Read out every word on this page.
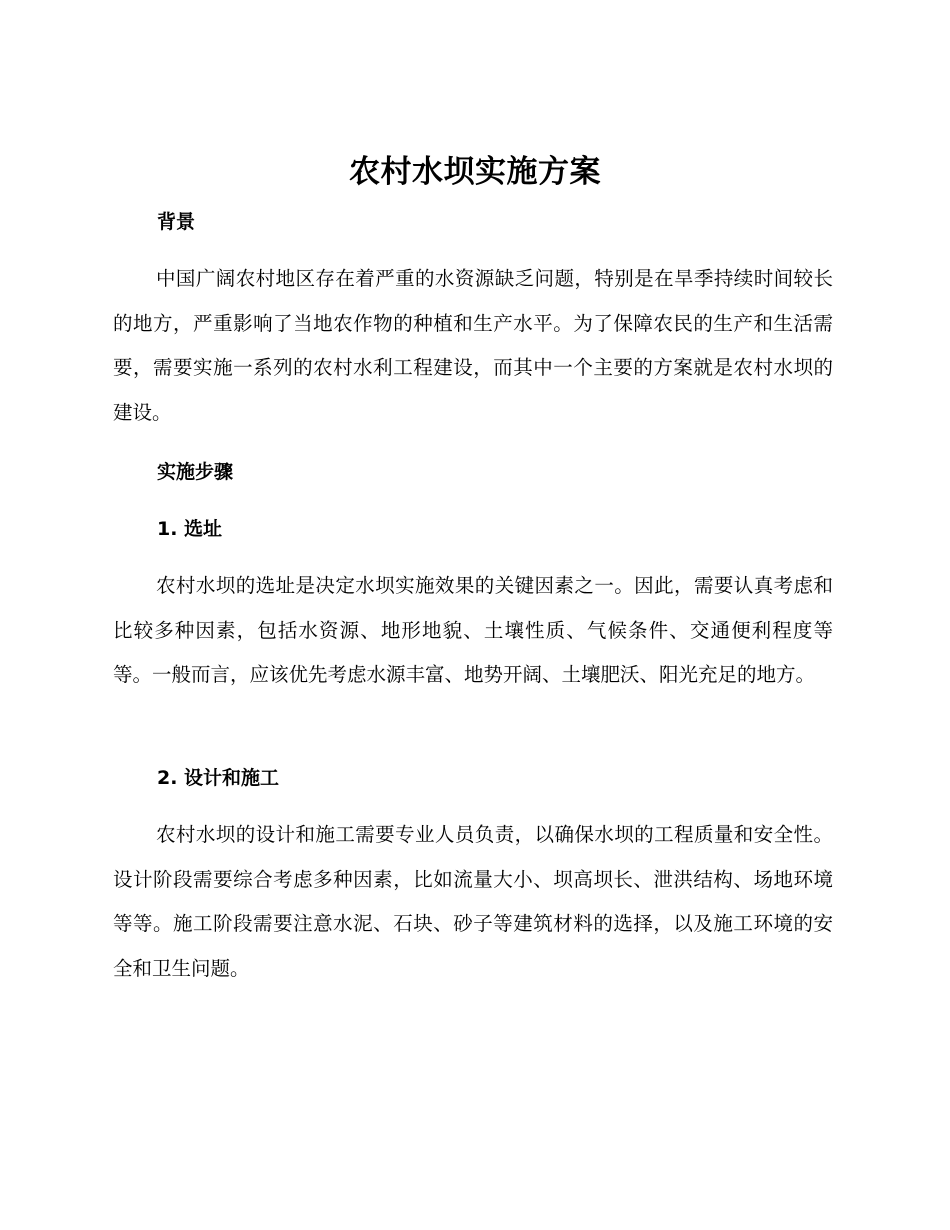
农村水坝实施方案
背景

中国广阔农村地区存在着严重的水资源缺乏问题，特别是在旱季持续时间较长的地方，严重影响了当地农作物的种植和生产水平。为了保障农民的生产和生活需要，需要实施一系列的农村水利工程建设，而其中一个主要的方案就是农村水坝的建设。

实施步骤
1. 选址

农村水坝的选址是决定水坝实施效果的关键因素之一。因此，需要认真考虑和比较多种因素，包括水资源、地形地貌、土壤性质、气候条件、交通便利程度等等。一般而言，应该优先考虑水源丰富、地势开阔、土壤肥沃、阳光充足的地方。

2. 设计和施工

农村水坝的设计和施工需要专业人员负责，以确保水坝的工程质量和安全性。设计阶段需要综合考虑多种因素，比如流量大小、坝高坝长、泄洪结构、场地环境等等。施工阶段需要注意水泥、石块、砂子等建筑材料的选择，以及施工环境的安全和卫生问题。
